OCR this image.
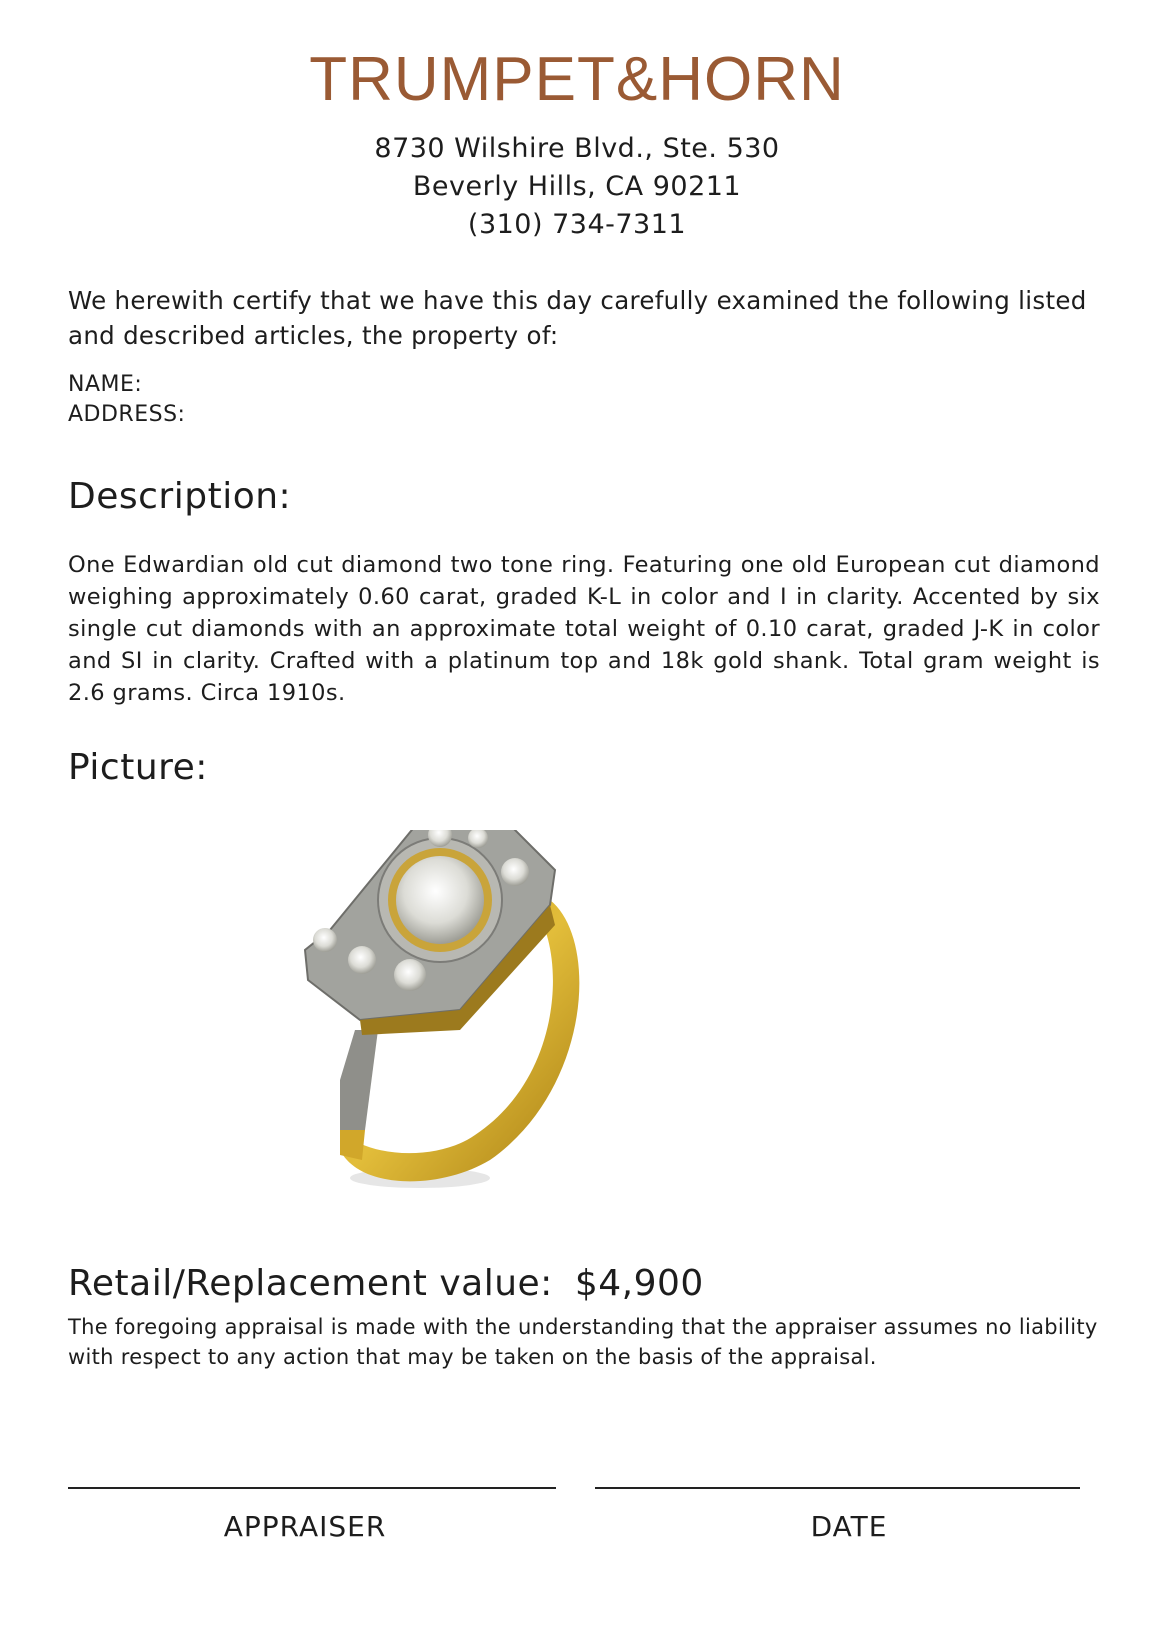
TRUMPET&HORN
8730 Wilshire Blvd., Ste. 530
Beverly Hills, CA 90211
(310) 734-7311
We herewith certify that we have this day carefully examined the following listed and described articles, the property of:
NAME:
ADDRESS:
Description:
One Edwardian old cut diamond two tone ring. Featuring one old European cut diamond weighing approximately 0.60 carat, graded K-L in color and I in clarity. Accented by six single cut diamonds with an approximate total weight of 0.10 carat, graded J-K in color and SI in clarity. Crafted with a platinum top and 18k gold shank. Total gram weight is 2.6 grams. Circa 1910s.
Picture:
Retail/Replacement value: $4,900
The foregoing appraisal is made with the understanding that the appraiser assumes no liability with respect to any action that may be taken on the basis of the appraisal.
APPRAISER	DATE
